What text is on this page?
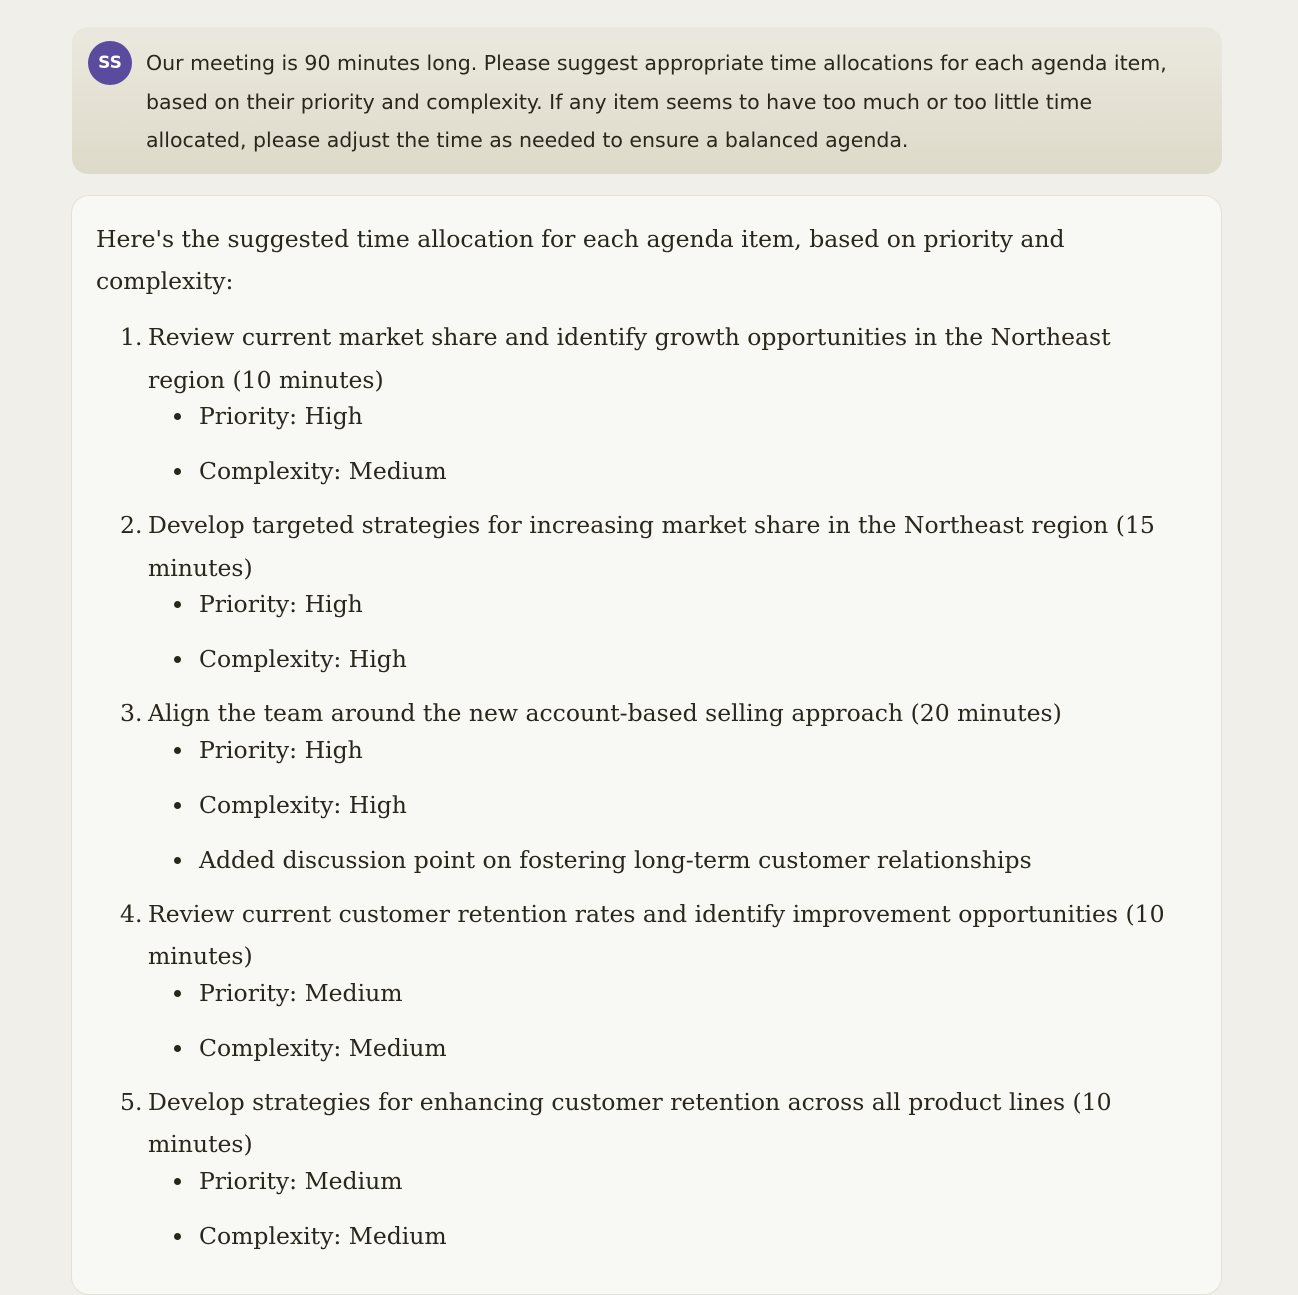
SS	Our meeting is 90 minutes long. Please suggest appropriate time allocations for each agenda item, based on their priority and complexity. If any item seems to have too much or too little time allocated, please adjust the time as needed to ensure a balanced agenda.

Here's the suggested time allocation for each agenda item, based on priority and complexity:

1. Review current market share and identify growth opportunities in the Northeast region (10 minutes)
Priority: High
Complexity: Medium
2. Develop targeted strategies for increasing market share in the Northeast region (15 minutes)
Priority: High
Complexity: High
3. Align the team around the new account-based selling approach (20 minutes)
Priority: High
Complexity: High
Added discussion point on fostering long-term customer relationships
4. Review current customer retention rates and identify improvement opportunities (10 minutes)
Priority: Medium
Complexity: Medium
5. Develop strategies for enhancing customer retention across all product lines (10 minutes)
Priority: Medium
Complexity: Medium
